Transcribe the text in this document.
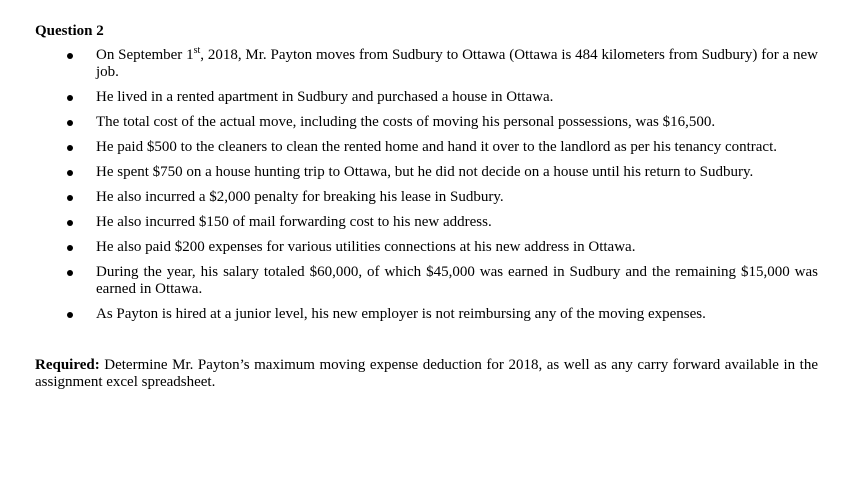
Question 2
On September 1st, 2018, Mr. Payton moves from Sudbury to Ottawa (Ottawa is 484 kilometers from Sudbury) for a new job.
He lived in a rented apartment in Sudbury and purchased a house in Ottawa.
The total cost of the actual move, including the costs of moving his personal possessions, was $16,500.
He paid $500 to the cleaners to clean the rented home and hand it over to the landlord as per his tenancy contract.
He spent $750 on a house hunting trip to Ottawa, but he did not decide on a house until his return to Sudbury.
He also incurred a $2,000 penalty for breaking his lease in Sudbury.
He also incurred $150 of mail forwarding cost to his new address.
He also paid $200 expenses for various utilities connections at his new address in Ottawa.
During the year, his salary totaled $60,000, of which $45,000 was earned in Sudbury and the remaining $15,000 was earned in Ottawa.
As Payton is hired at a junior level, his new employer is not reimbursing any of the moving expenses.

Required: Determine Mr. Payton’s maximum moving expense deduction for 2018, as well as any carry forward available in the assignment excel spreadsheet.
